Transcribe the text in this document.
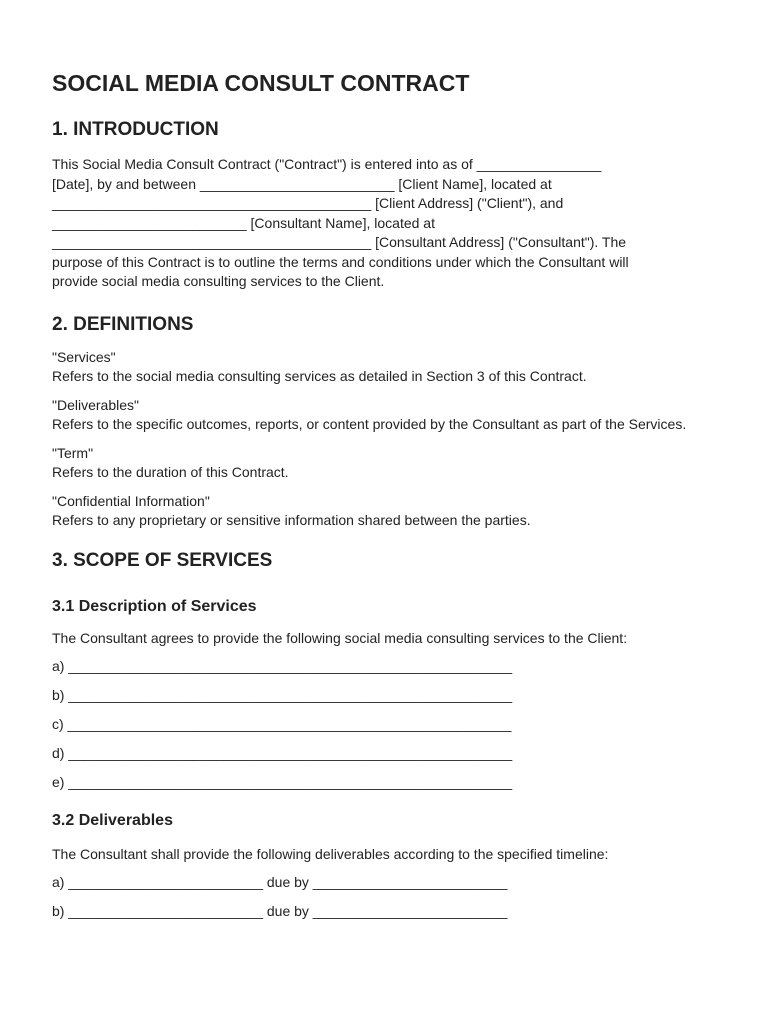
SOCIAL MEDIA CONSULT CONTRACT
1. INTRODUCTION

This Social Media Consult Contract ("Contract") is entered into as of ________________

[Date], by and between _________________________ [Client Name], located at

_________________________________________ [Client Address] ("Client"), and

_________________________ [Consultant Name], located at

_________________________________________ [Consultant Address] ("Consultant"). The

purpose of this Contract is to outline the terms and conditions under which the Consultant will

provide social media consulting services to the Client.

2. DEFINITIONS
"Services"
Refers to the social media consulting services as detailed in Section 3 of this Contract.
"Deliverables"
Refers to the specific outcomes, reports, or content provided by the Consultant as part of the Services.
"Term"
Refers to the duration of this Contract.
"Confidential Information"
Refers to any proprietary or sensitive information shared between the parties.
3. SCOPE OF SERVICES
3.1 Description of Services

The Consultant agrees to provide the following social media consulting services to the Client:

a) _________________________________________________________
b) _________________________________________________________
c) _________________________________________________________
d) _________________________________________________________
e) _________________________________________________________
3.2 Deliverables

The Consultant shall provide the following deliverables according to the specified timeline:

a) _________________________ due by _________________________
b) _________________________ due by _________________________
